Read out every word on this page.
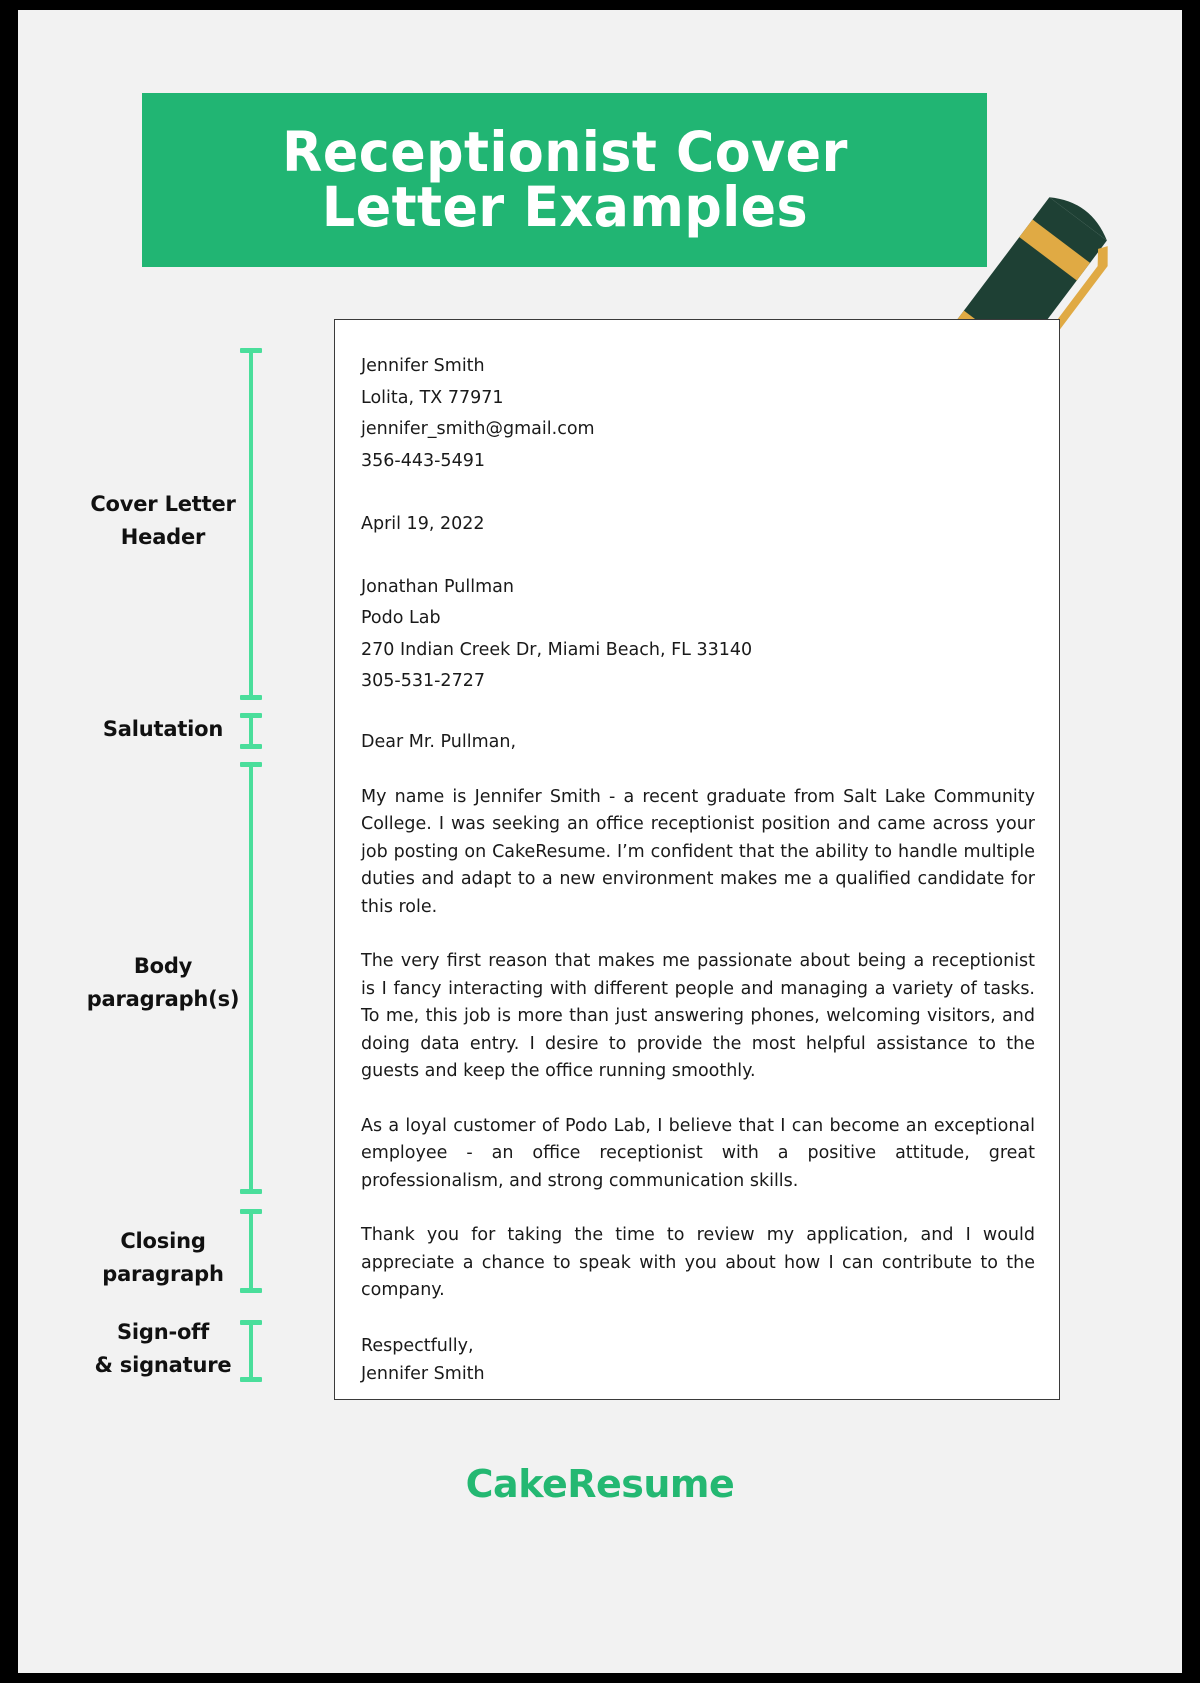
Receptionist Cover Letter Examples
Cover Letter
Header
Salutation
Body
paragraph(s)
Closing
paragraph
Sign-off
& signature
Jennifer Smith
Lolita, TX 77971
jennifer_smith@gmail.com
356-443-5491
April 19, 2022
Jonathan Pullman
Podo Lab
270 Indian Creek Dr, Miami Beach, FL 33140
305-531-2727
Dear Mr. Pullman,

My name is Jennifer Smith - a recent graduate from Salt Lake Community College. I was seeking an office receptionist position and came across your job posting on CakeResume. I’m confident that the ability to handle multiple duties and adapt to a new environment makes me a qualified candidate for this role.

The very first reason that makes me passionate about being a receptionist is I fancy interacting with different people and managing a variety of tasks. To me, this job is more than just answering phones, welcoming visitors, and doing data entry. I desire to provide the most helpful assistance to the guests and keep the office running smoothly.

As a loyal customer of Podo Lab, I believe that I can become an exceptional employee - an office receptionist with a positive attitude, great professionalism, and strong communication skills.

Thank you for taking the time to review my application, and I would appreciate a chance to speak with you about how I can contribute to the company.

Respectfully,
Jennifer Smith
CakeResume
